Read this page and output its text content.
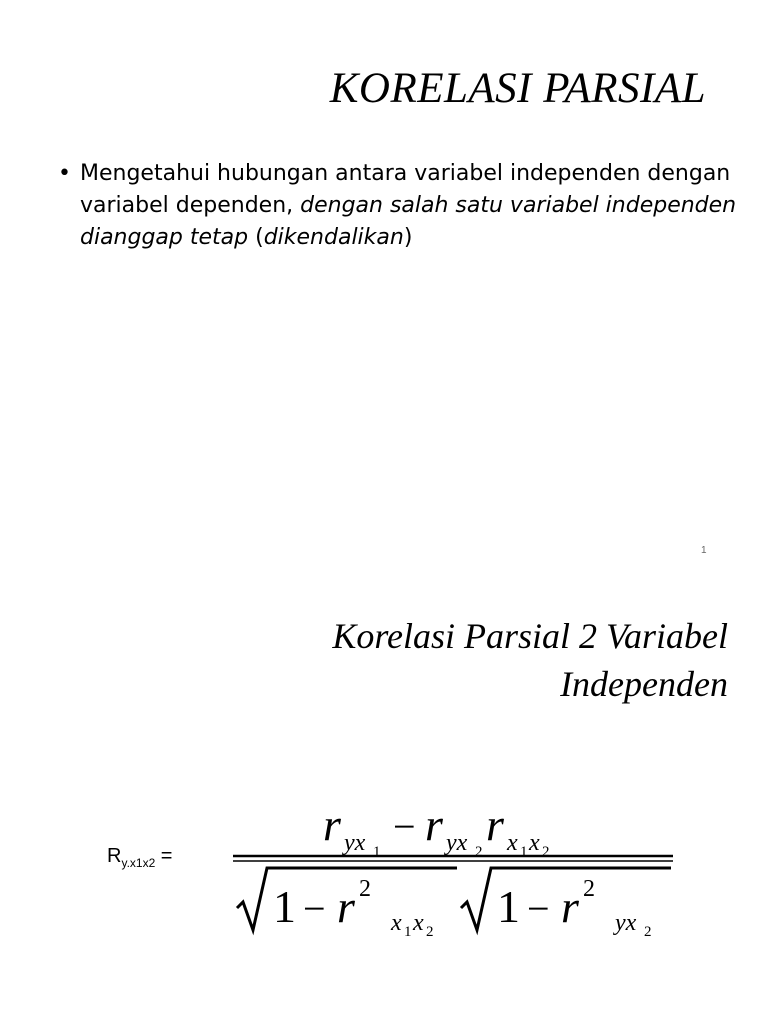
KORELASI PARSIAL
• Mengetahui hubungan antara variabel independen dengan variabel dependen, dengan salah satu variabel independen dianggap tetap (dikendalikan)
1
Korelasi Parsial 2 Variabel
Independen
$R_{y.x1x2}$ =
r yx 1
− r yx 2
r x 1 x 2
1 − r 2
x 1 x 2 1 − r 2
yx 2
